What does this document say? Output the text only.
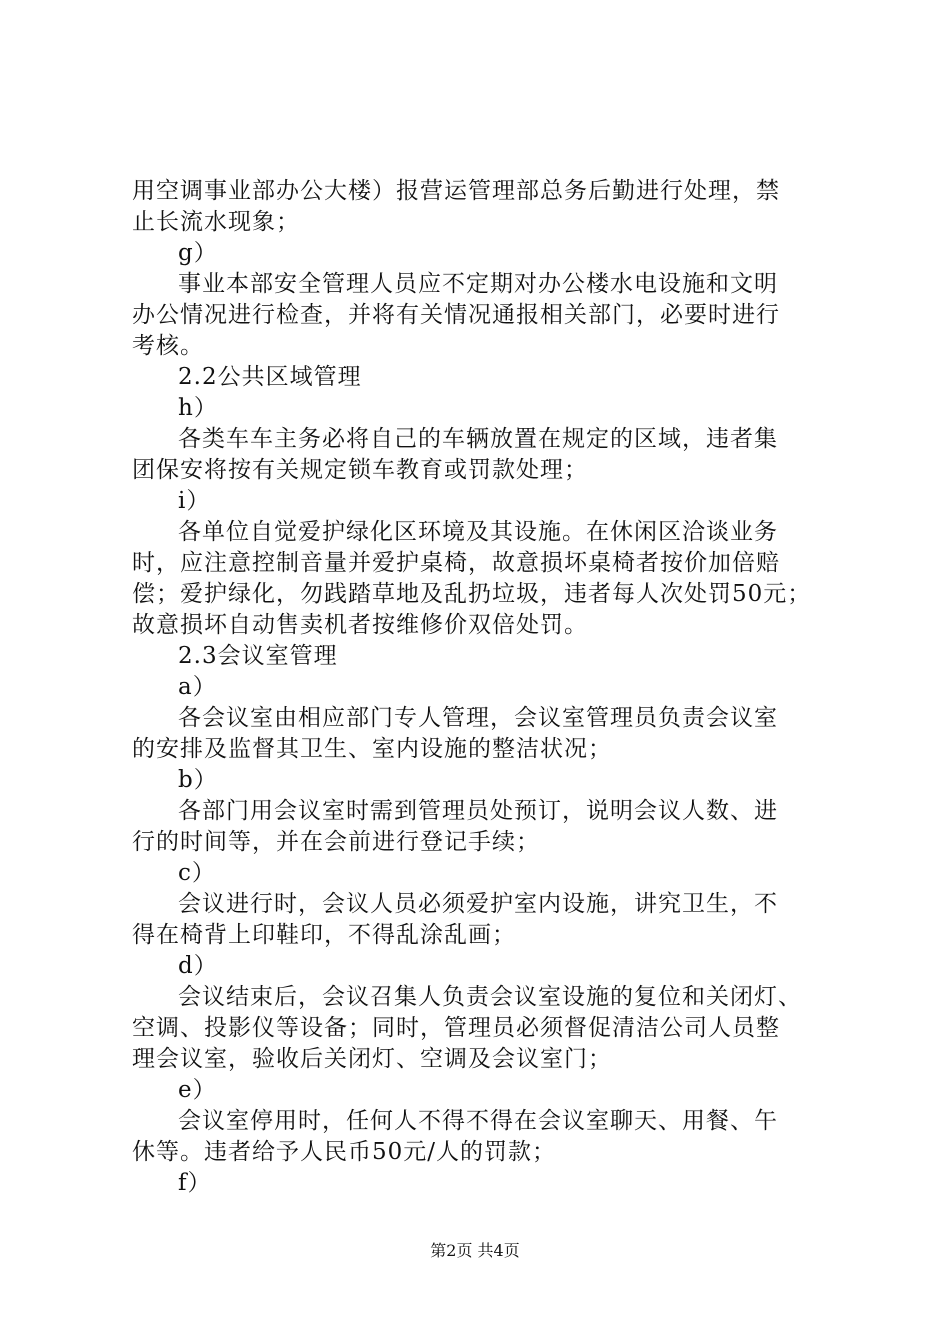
用空调事业部办公大楼）报营运管理部总务后勤进行处理，禁
止长流水现象；
g）
事业本部安全管理人员应不定期对办公楼水电设施和文明
办公情况进行检查，并将有关情况通报相关部门，必要时进行
考核。
2.2公共区域管理
h）
各类车车主务必将自己的车辆放置在规定的区域，违者集
团保安将按有关规定锁车教育或罚款处理；
i）
各单位自觉爱护绿化区环境及其设施。在休闲区洽谈业务
时，应注意控制音量并爱护桌椅，故意损坏桌椅者按价加倍赔
偿；爱护绿化，勿践踏草地及乱扔垃圾，违者每人次处罚50元；
故意损坏自动售卖机者按维修价双倍处罚。
2.3会议室管理
a）
各会议室由相应部门专人管理，会议室管理员负责会议室
的安排及监督其卫生、室内设施的整洁状况；
b）
各部门用会议室时需到管理员处预订，说明会议人数、进
行的时间等，并在会前进行登记手续；
c）
会议进行时，会议人员必须爱护室内设施，讲究卫生，不
得在椅背上印鞋印，不得乱涂乱画；
d）
会议结束后，会议召集人负责会议室设施的复位和关闭灯、
空调、投影仪等设备；同时，管理员必须督促清洁公司人员整
理会议室，验收后关闭灯、空调及会议室门；
e）
会议室停用时，任何人不得不得在会议室聊天、用餐、午
休等。违者给予人民币50元/人的罚款；
f）
第2页 共4页
